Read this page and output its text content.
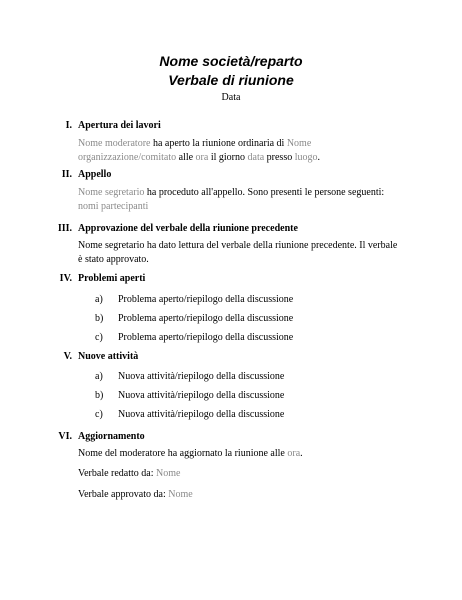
Nome società/reparto
Verbale di riunione
Data
I. Apertura dei lavori
Nome moderatore ha aperto la riunione ordinaria di Nome organizzazione/comitato alle ora il giorno data presso luogo.
II. Appello
Nome segretario ha proceduto all'appello. Sono presenti le persone seguenti: nomi partecipanti
III. Approvazione del verbale della riunione precedente
Nome segretario ha dato lettura del verbale della riunione precedente. Il verbale è stato approvato.
IV. Problemi aperti
a) Problema aperto/riepilogo della discussione
b) Problema aperto/riepilogo della discussione
c) Problema aperto/riepilogo della discussione
V. Nuove attività
a) Nuova attività/riepilogo della discussione
b) Nuova attività/riepilogo della discussione
c) Nuova attività/riepilogo della discussione
VI. Aggiornamento
Nome del moderatore ha aggiornato la riunione alle ora.
Verbale redatto da: Nome
Verbale approvato da: Nome
